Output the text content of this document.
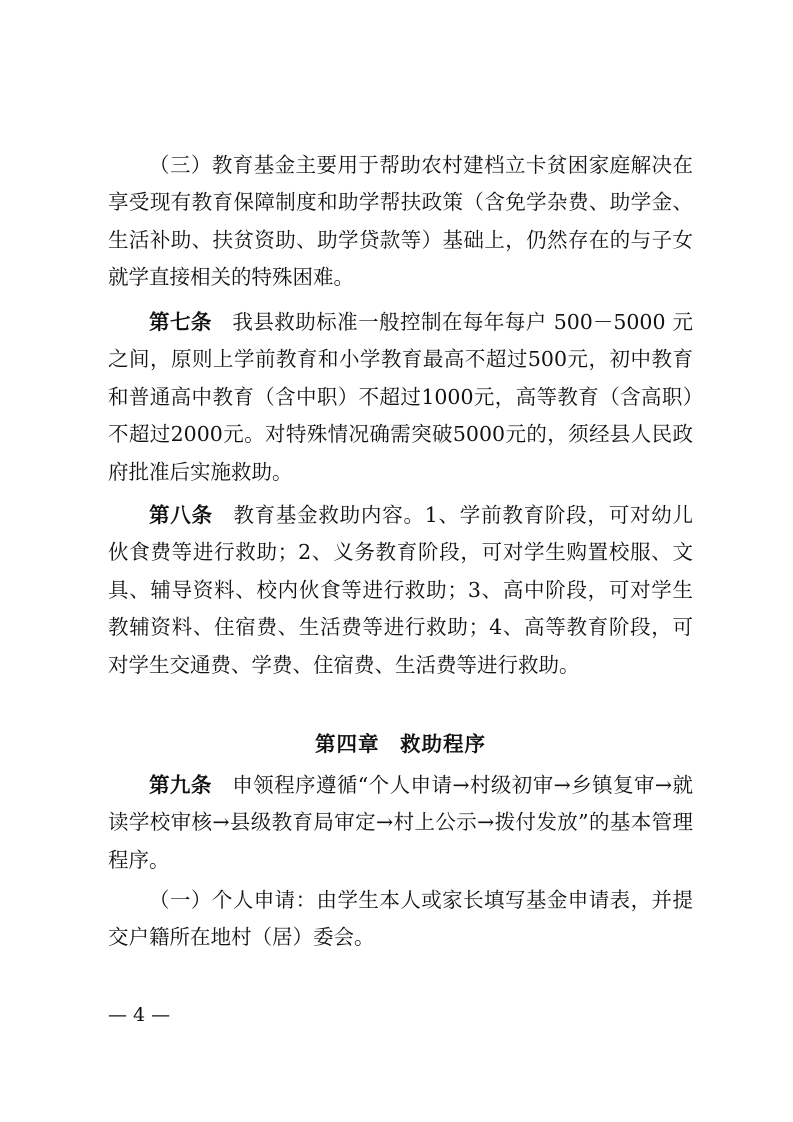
（三）教育基金主要用于帮助农村建档立卡贫困家庭解决在享受现有教育保障制度和助学帮扶政策（含免学杂费、助学金、生活补助、扶贫资助、助学贷款等）基础上，仍然存在的与子女就学直接相关的特殊困难。

第七条 我县救助标准一般控制在每年每户 500－5000 元之间，原则上学前教育和小学教育最高不超过500元，初中教育和普通高中教育（含中职）不超过1000元，高等教育（含高职）不超过2000元。对特殊情况确需突破5000元的，须经县人民政府批准后实施救助。

第八条 教育基金救助内容。1、学前教育阶段，可对幼儿伙食费等进行救助；2、义务教育阶段，可对学生购置校服、文具、辅导资料、校内伙食等进行救助；3、高中阶段，可对学生教辅资料、住宿费、生活费等进行救助；4、高等教育阶段，可对学生交通费、学费、住宿费、生活费等进行救助。

第四章 救助程序

第九条 申领程序遵循“个人申请→村级初审→乡镇复审→就读学校审核→县级教育局审定→村上公示→拨付发放”的基本管理程序。

（一）个人申请：由学生本人或家长填写基金申请表，并提交户籍所在地村（居）委会。

— 4 —
